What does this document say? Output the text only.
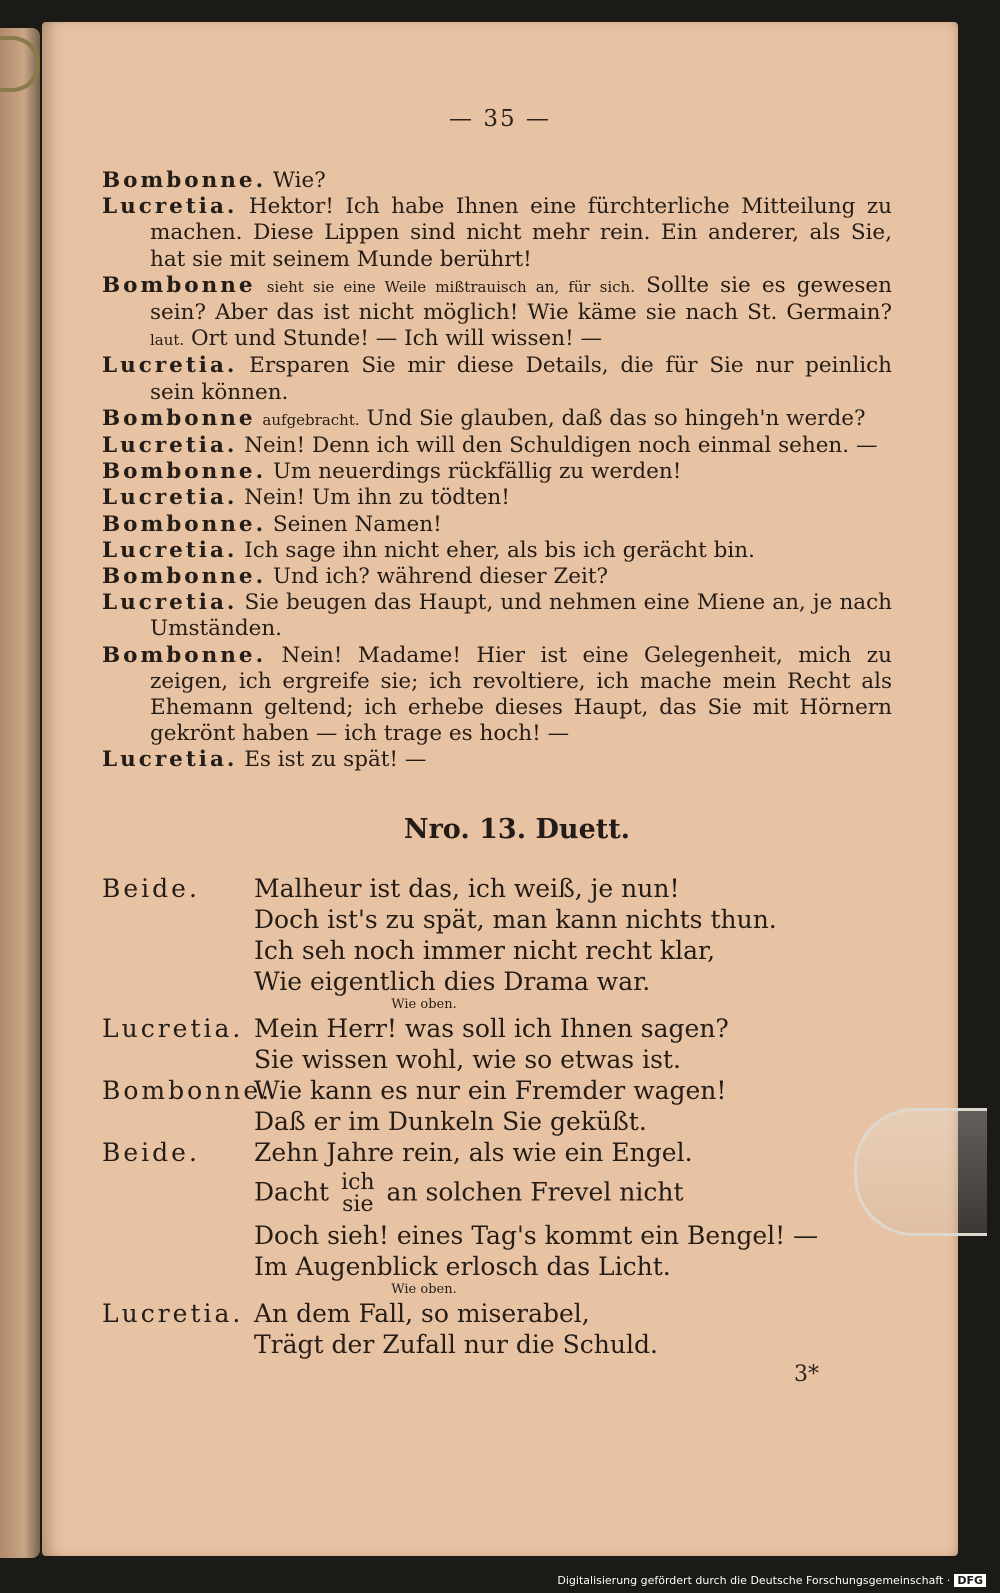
— 35 —

Bombonne. Wie?

Lucretia. Hektor! Ich habe Ihnen eine fürchterliche Mitteilung zu machen. Diese Lippen sind nicht mehr rein. Ein anderer, als Sie, hat sie mit seinem Munde berührt!

Bombonne sieht sie eine Weile mißtrauisch an, für sich. Sollte sie es gewesen sein? Aber das ist nicht möglich! Wie käme sie nach St. Germain? laut. Ort und Stunde! — Ich will wissen! —

Lucretia. Ersparen Sie mir diese Details, die für Sie nur peinlich sein können.

Bombonne aufgebracht. Und Sie glauben, daß das so hingeh'n werde?

Lucretia. Nein! Denn ich will den Schuldigen noch einmal sehen. —

Bombonne. Um neuerdings rückfällig zu werden!

Lucretia. Nein! Um ihn zu tödten!

Bombonne. Seinen Namen!

Lucretia. Ich sage ihn nicht eher, als bis ich gerächt bin.

Bombonne. Und ich? während dieser Zeit?

Lucretia. Sie beugen das Haupt, und nehmen eine Miene an, je nach Umständen.

Bombonne. Nein! Madame! Hier ist eine Gelegenheit, mich zu zeigen, ich ergreife sie; ich revoltiere, ich mache mein Recht als Ehemann geltend; ich erhebe dieses Haupt, das Sie mit Hörnern gekrönt haben — ich trage es hoch! —

Lucretia. Es ist zu spät! —

Nro. 13. Duett.
Beide.	Malheur ist das, ich weiß, je nun!
Doch ist's zu spät, man kann nichts thun.
Ich seh noch immer nicht recht klar,
Wie eigentlich dies Drama war.
Wie oben.
Lucretia. Mein Herr! was soll ich Ihnen sagen?
Sie wissen wohl, wie so etwas ist.
Bombonne.
Wie kann es nur ein Fremder wagen!
Daß er im Dunkeln Sie geküßt.
Beide.	Zehn Jahre rein, als wie ein Engel.
Dacht ich
sie an solchen Frevel nicht
Doch sieh! eines Tag's kommt ein Bengel! —
Im Augenblick erlosch das Licht.
Wie oben.
Lucretia. An dem Fall, so miserabel,
Trägt der Zufall nur die Schuld.
3*
Digitalisierung gefördert durch die Deutsche Forschungsgemeinschaft · DFG
